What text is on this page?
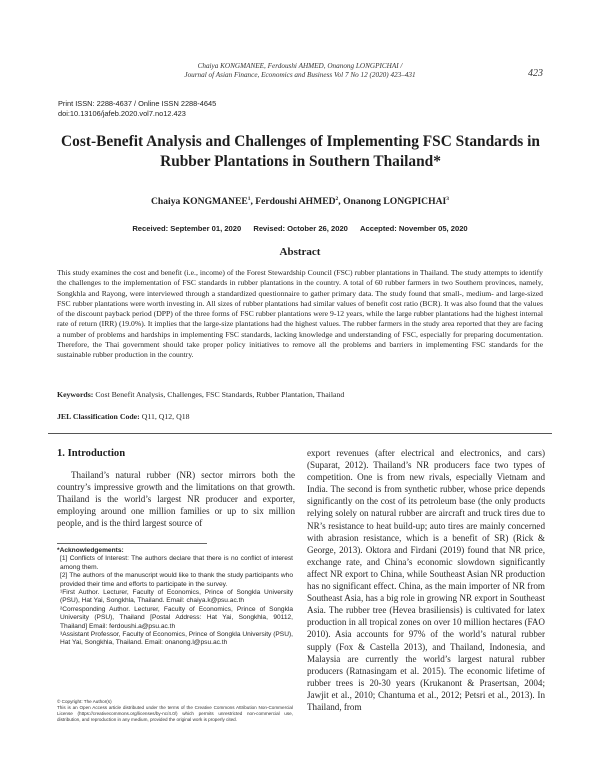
Chaiya KONGMANEE, Ferdoushi AHMED, Onanong LONGPICHAI /
Journal of Asian Finance, Economics and Business Vol 7 No 12 (2020) 423–431	423
Print ISSN: 2288-4637 / Online ISSN 2288-4645
doi:10.13106/jafeb.2020.vol7.no12.423
Cost-Benefit Analysis and Challenges of Implementing FSC Standards in
Rubber Plantations in Southern Thailand*
Chaiya KONGMANEE$^1$, Ferdoushi AHMED$^2$, Onanong LONGPICHAI$^3$
Received: September 01, 2020 Revised: October 26, 2020 Accepted: November 05, 2020
Abstract

This study examines the cost and benefit (i.e., income) of the Forest Stewardship Council (FSC) rubber plantations in Thailand. The study attempts to identify the challenges to the implementation of FSC standards in rubber plantations in the country. A total of 60 rubber farmers in two Southern provinces, namely, Songkhla and Rayong, were interviewed through a standardized questionnaire to gather primary data. The study found that small-, medium- and large-sized FSC rubber plantations were worth investing in. All sizes of rubber plantations had similar values of benefit cost ratio (BCR). It was also found that the values of the discount payback period (DPP) of the three forms of FSC rubber plantations were 9-12 years, while the large rubber plantations had the highest internal rate of return (IRR) (19.0%). It implies that the large-size plantations had the highest values. The rubber farmers in the study area reported that they are facing a number of problems and hardships in implementing FSC standards, lacking knowledge and understanding of FSC, especially for preparing documentation. Therefore, the Thai government should take proper policy initiatives to remove all the problems and barriers in implementing FSC standards for the sustainable rubber production in the country.

Keywords: Cost Benefit Analysis, Challenges, FSC Standards, Rubber Plantation, Thailand
JEL Classification Code: Q11, Q12, Q18
1. Introduction

Thailand’s natural rubber (NR) sector mirrors both the country’s impressive growth and the limitations on that growth. Thailand is the world’s largest NR producer and exporter, employing around one million families or up to six million people, and is the third largest source of

export revenues (after electrical and electronics, and cars) (Suparat, 2012). Thailand’s NR producers face two types of competition. One is from new rivals, especially Vietnam and India. The second is from synthetic rubber, whose price depends significantly on the cost of its petroleum base (the only products relying solely on natural rubber are aircraft and truck tires due to NR’s resistance to heat build-up; auto tires are mainly concerned with abrasion resistance, which is a benefit of SR) (Rick & George, 2013). Oktora and Firdani (2019) found that NR price, exchange rate, and China’s economic slowdown significantly affect NR export to China, while Southeast Asian NR production has no significant effect. China, as the main importer of NR from Southeast Asia, has a big role in growing NR export in Southeast Asia. The rubber tree (Hevea brasiliensis) is cultivated for latex production in all tropical zones on over 10 million hectares (FAO 2010). Asia accounts for 97% of the world’s natural rubber supply (Fox & Castella 2013), and Thailand, Indonesia, and Malaysia are currently the world’s largest natural rubber producers (Ratnasingam et al. 2015). The economic lifetime of rubber trees is 20-30 years (Krukanont & Prasertsan, 2004; Jawjit et al., 2010; Chantuma et al., 2012; Petsri et al., 2013). In Thailand, from

*Acknowledgements:
[1] Conflicts of Interest: The authors declare that there is no conflict of interest among them.
[2] The authors of the manuscript would like to thank the study participants who provided their time and efforts to participate in the survey.
¹First Author. Lecturer, Faculty of Economics, Prince of Songkla University (PSU), Hat Yai, Songkhla, Thailand. Email: chaiya.k@psu.ac.th
²Corresponding Author. Lecturer, Faculty of Economics, Prince of Songkla University (PSU), Thailand [Postal Address: Hat Yai, Songkhla, 90112, Thailand] Email: ferdoushi.a@psu.ac.th
³Assistant Professor, Faculty of Economics, Prince of Songkla University (PSU), Hat Yai, Songkhla, Thailand. Email: onanong.l@psu.ac.th
© Copyright: The Author(s)
This is an Open Access article distributed under the terms of the Creative Commons Attribution Non-Commercial License (https://creativecommons.org/licenses/by-nc/4.0/) which permits unrestricted non-commercial use, distribution, and reproduction in any medium, provided the original work is properly cited.
